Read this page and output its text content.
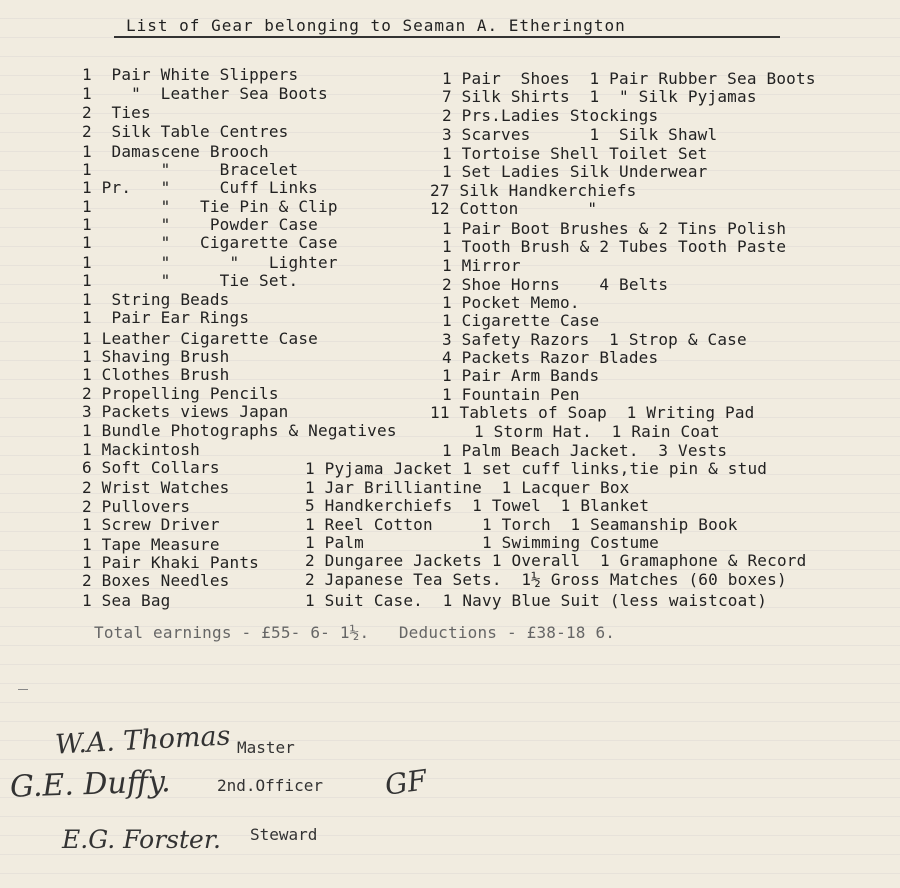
List of Gear belonging to Seaman A. Etherington
1  Pair White Slippers
1    "  Leather Sea Boots
2  Ties
2  Silk Table Centres
1  Damascene Brooch
1       "     Bracelet
1 Pr.   "     Cuff Links
1       "   Tie Pin & Clip
1       "    Powder Case
1       "   Cigarette Case
1       "      "   Lighter
1       "     Tie Set.
1  String Beads
1  Pair Ear Rings
1 Leather Cigarette Case
1 Shaving Brush
1 Clothes Brush
2 Propelling Pencils
3 Packets views Japan
1 Bundle Photographs & Negatives
1 Mackintosh
6 Soft Collars
2 Wrist Watches
2 Pullovers
1 Screw Driver
1 Tape Measure
1 Pair Khaki Pants
2 Boxes Needles
1 Sea Bag
1 Pair  Shoes  1 Pair Rubber Sea Boots
7 Silk Shirts  1  " Silk Pyjamas
2 Prs.Ladies Stockings
3 Scarves      1  Silk Shawl
1 Tortoise Shell Toilet Set
1 Set Ladies Silk Underwear
27 Silk Handkerchiefs
12 Cotton       "
1 Pair Boot Brushes & 2 Tins Polish
1 Tooth Brush & 2 Tubes Tooth Paste
1 Mirror
2 Shoe Horns    4 Belts
1 Pocket Memo.
1 Cigarette Case
3 Safety Razors  1 Strop & Case
4 Packets Razor Blades
1 Pair Arm Bands
1 Fountain Pen
11 Tablets of Soap  1 Writing Pad
1 Storm Hat.  1 Rain Coat
1 Palm Beach Jacket.  3 Vests
1 Pyjama Jacket 1 set cuff links,tie pin & stud
1 Jar Brilliantine  1 Lacquer Box
5 Handkerchiefs  1 Towel  1 Blanket
1 Reel Cotton     1 Torch  1 Seamanship Book
1 Palm            1 Swimming Costume
2 Dungaree Jackets 1 Overall  1 Gramaphone & Record
2 Japanese Tea Sets.  1½ Gross Matches (60 boxes)
1 Suit Case.  1 Navy Blue Suit (less waistcoat)
Total earnings - £55- 6- 1½.   Deductions - £38-18 6.
W.A. Thomas Master
G.E. Duffy.	2nd.Officer GF
E.G. Forster. Steward
